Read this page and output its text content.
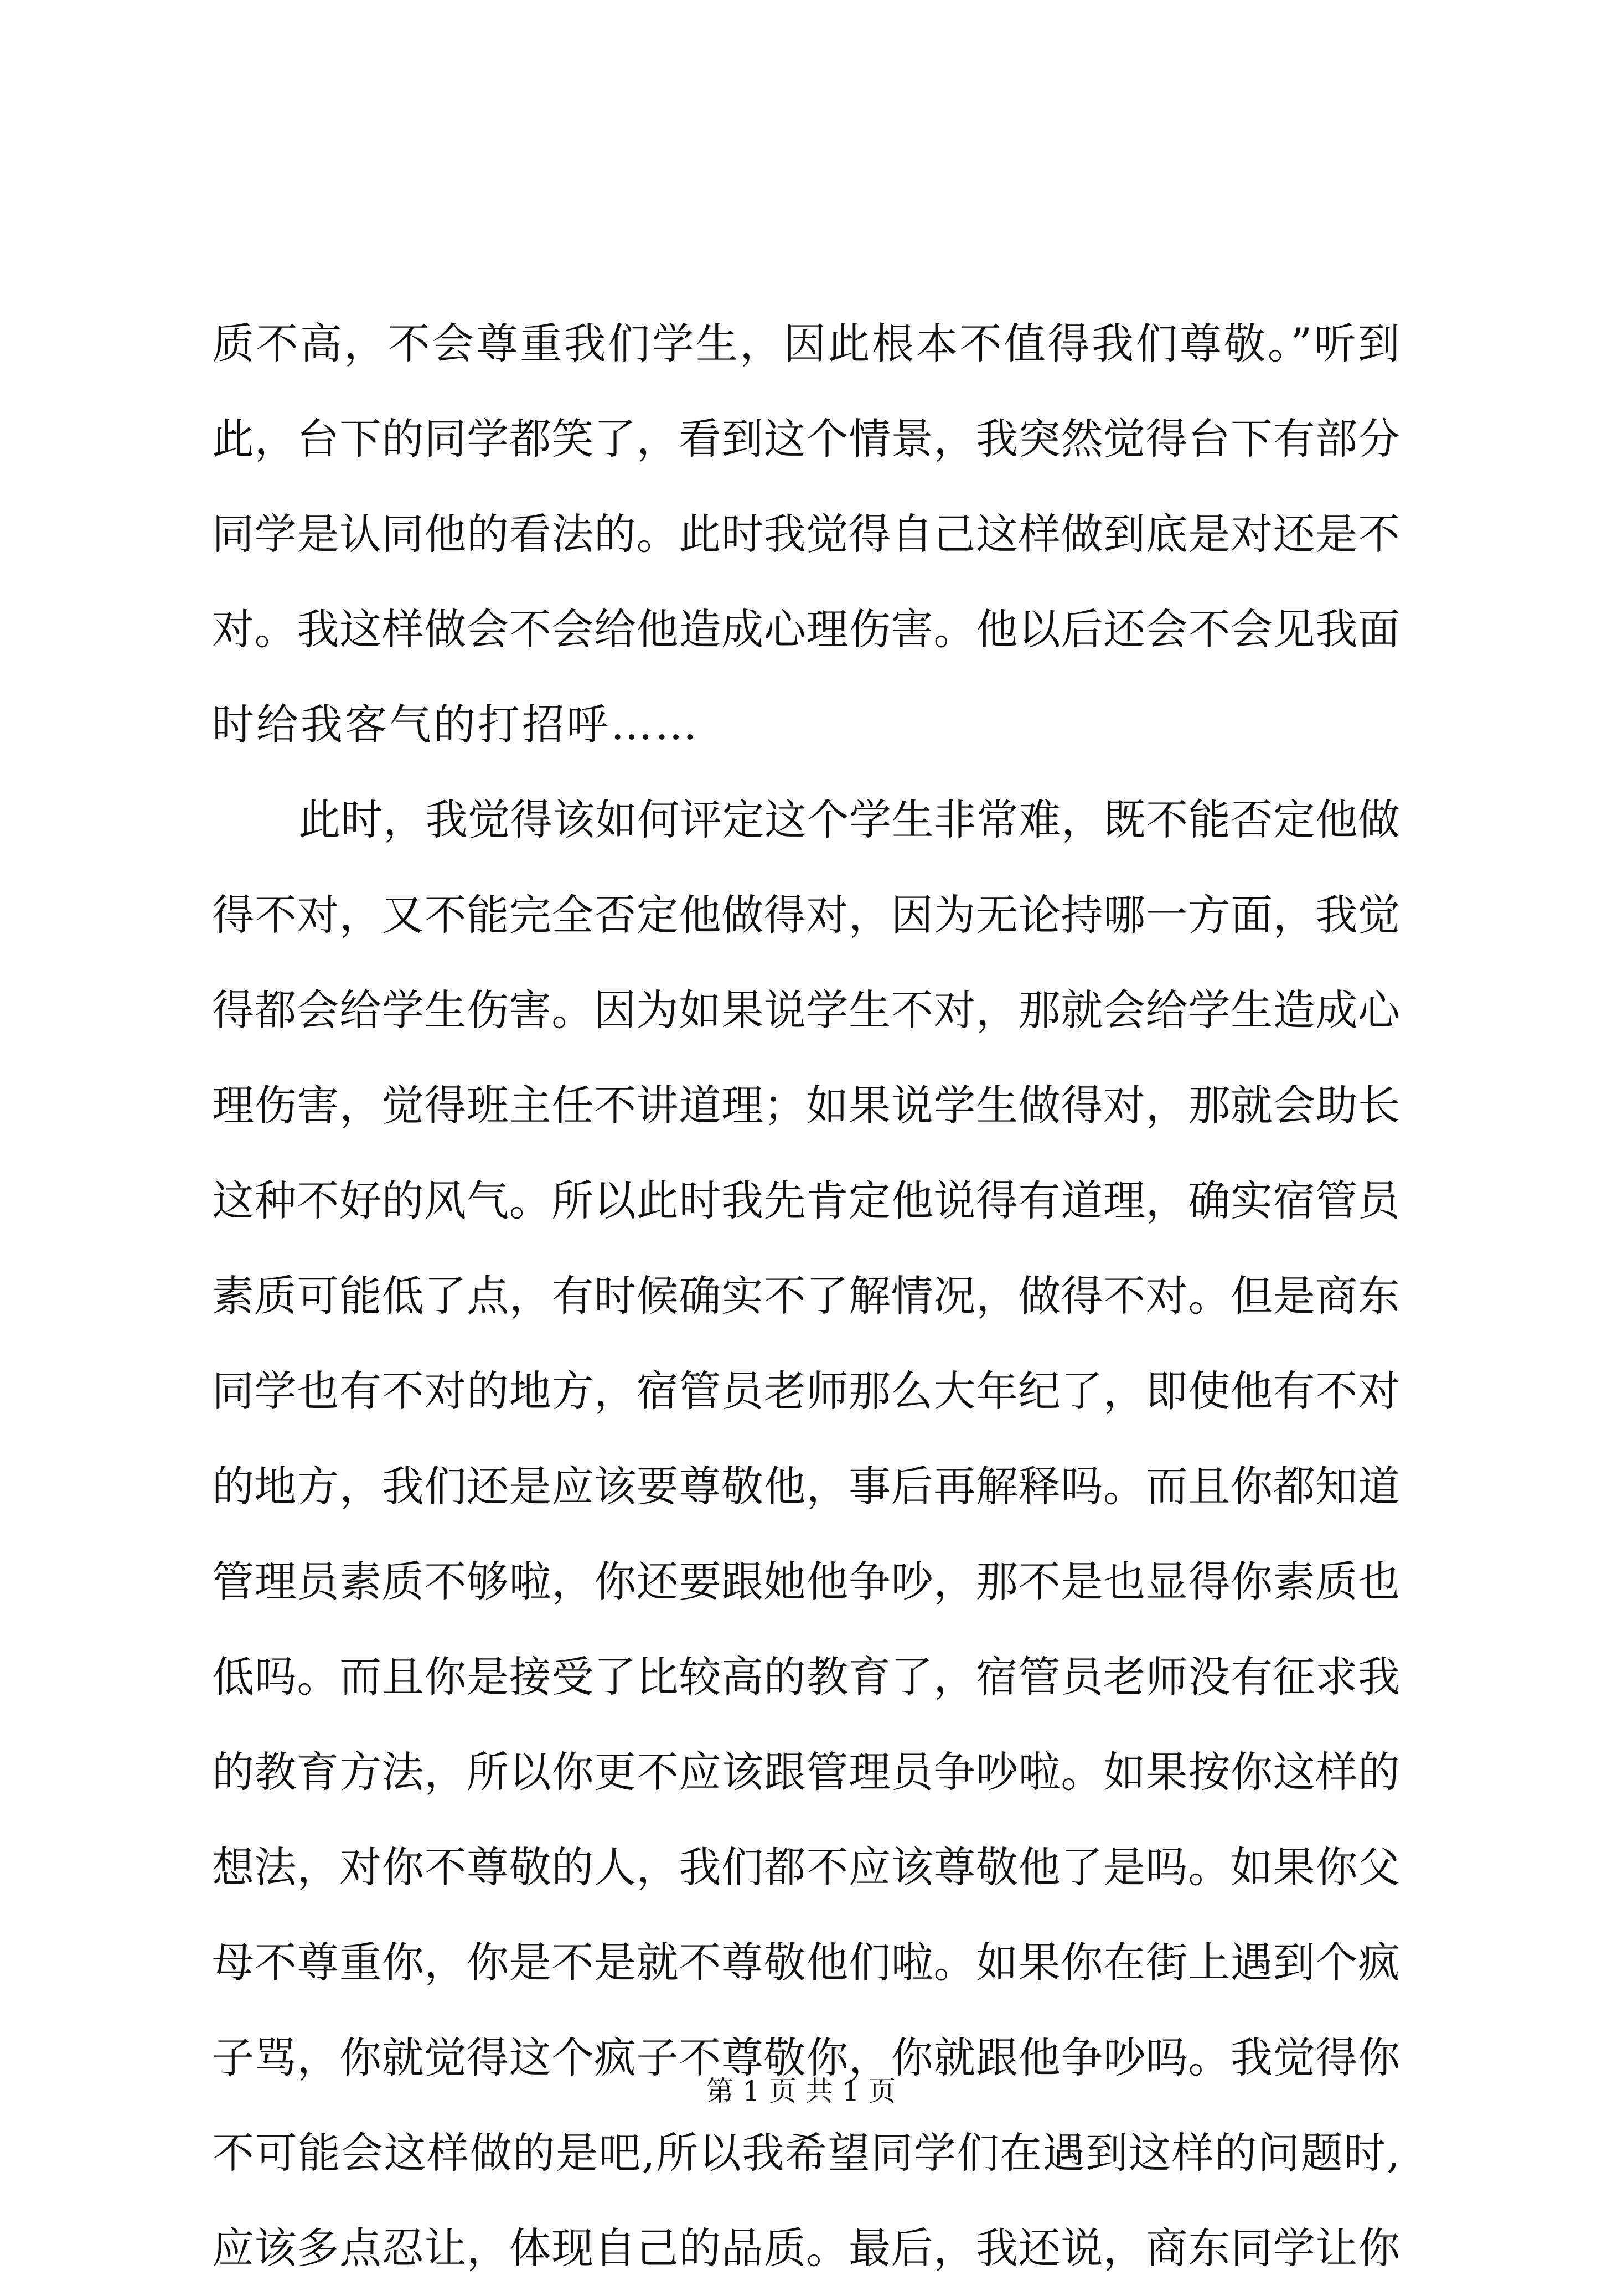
质不高，不会尊重我们学生，因此根本不值得我们尊敬。”听到
此，台下的同学都笑了，看到这个情景，我突然觉得台下有部分
同学是认同他的看法的。此时我觉得自己这样做到底是对还是不
对。我这样做会不会给他造成心理伤害。他以后还会不会见我面
时给我客气的打招呼……
此时，我觉得该如何评定这个学生非常难，既不能否定他做
得不对，又不能完全否定他做得对，因为无论持哪一方面，我觉
得都会给学生伤害。因为如果说学生不对，那就会给学生造成心
理伤害，觉得班主任不讲道理；如果说学生做得对，那就会助长
这种不好的风气。所以此时我先肯定他说得有道理，确实宿管员
素质可能低了点，有时候确实不了解情况，做得不对。但是商东
同学也有不对的地方，宿管员老师那么大年纪了，即使他有不对
的地方，我们还是应该要尊敬他，事后再解释吗。而且你都知道
管理员素质不够啦，你还要跟她他争吵，那不是也显得你素质也
低吗。而且你是接受了比较高的教育了，宿管员老师没有征求我
的教育方法，所以你更不应该跟管理员争吵啦。如果按你这样的
想法，对你不尊敬的人，我们都不应该尊敬他了是吗。如果你父
母不尊重你，你是不是就不尊敬他们啦。如果你在街上遇到个疯
子骂，你就觉得这个疯子不尊敬你，你就跟他争吵吗。我觉得你
不可能会这样做的是吧,所以我希望同学们在遇到这样的问题时,
应该多点忍让，体现自己的品质。最后，我还说，商东同学让你
第 1 页 共 1 页
